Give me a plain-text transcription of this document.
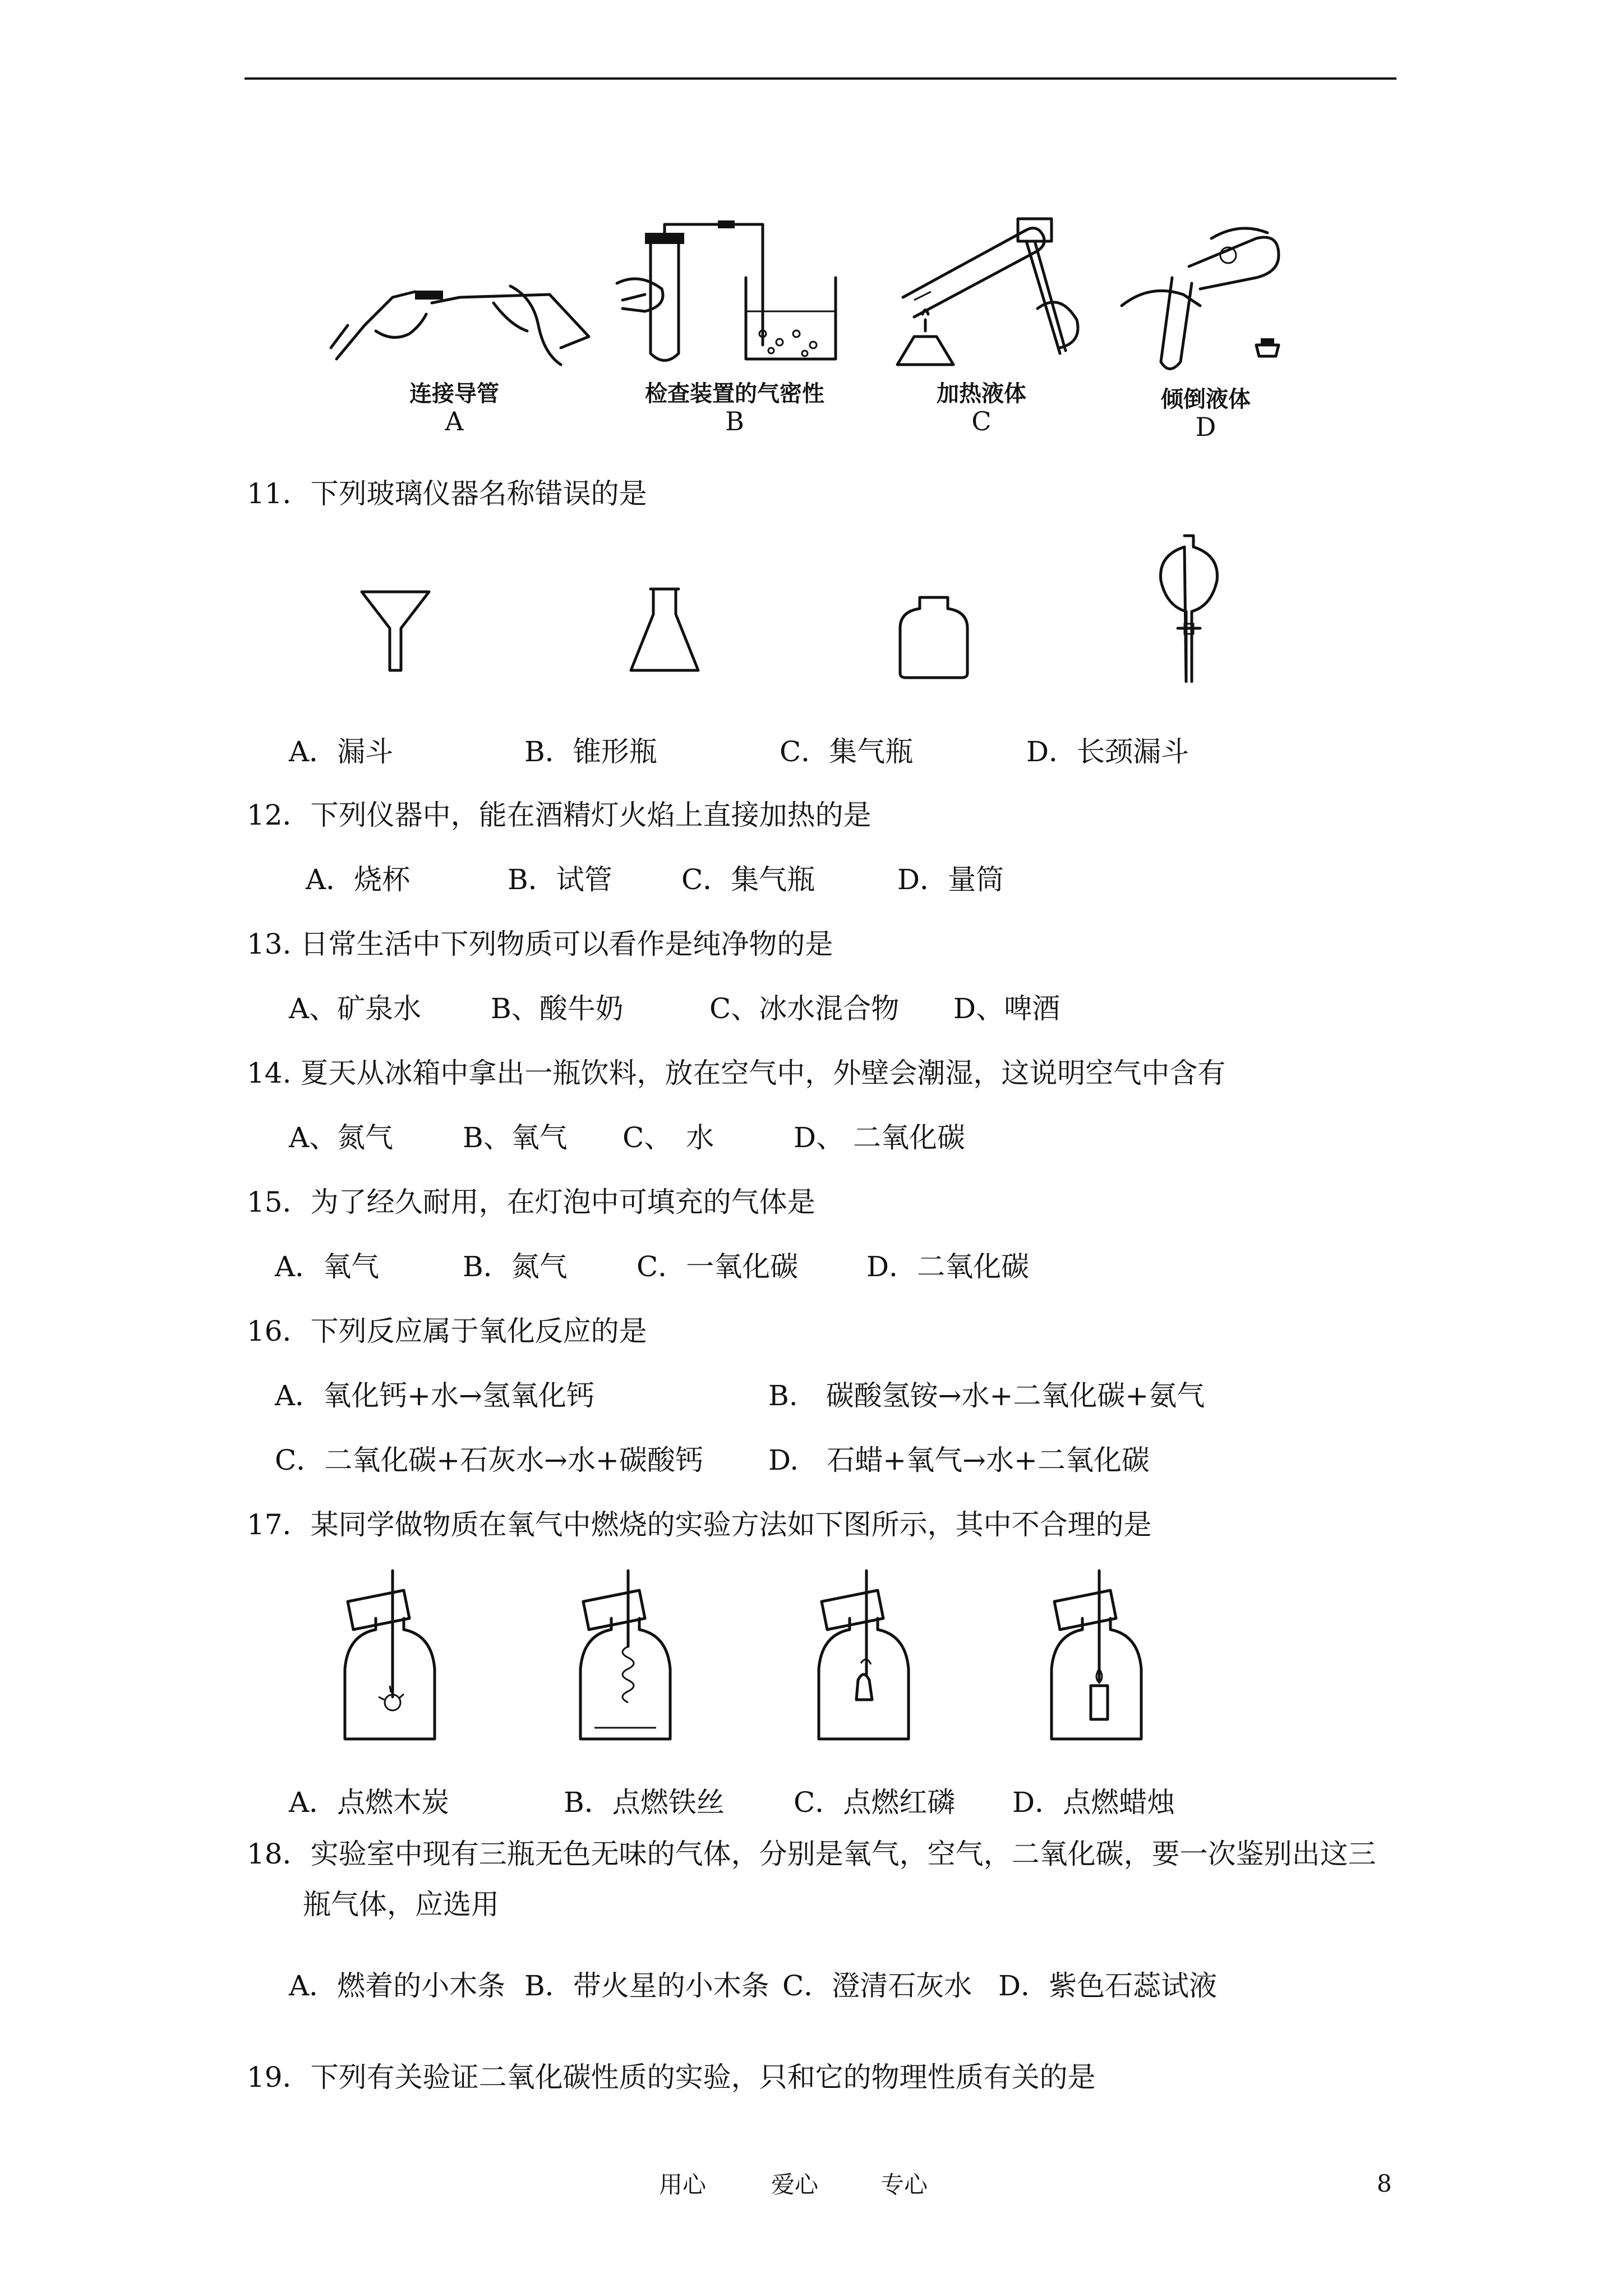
连接导管
A
检查装置的气密性
B
加热液体
C
倾倒液体
D
11．下列玻璃仪器名称错误的是
A．漏斗	B．锥形瓶	C．集气瓶	D．长颈漏斗
12．下列仪器中，能在酒精灯火焰上直接加热的是
A．烧杯	B．试管 C．集气瓶	D．量筒
13. 日常生活中下列物质可以看作是纯净物的是
A、矿泉水 B、酸牛奶	C、冰水混合物 D、啤酒
14. 夏天从冰箱中拿出一瓶饮料，放在空气中，外壁会潮湿，这说明空气中含有
A、氮气 B、氧气 C、　水	D、 二氧化碳
15．为了经久耐用，在灯泡中可填充的气体是
A．氧气	B．氮气 C．一氧化碳 D．二氧化碳
16．下列反应属于氧化反应的是
A．氧化钙+水→氢氧化钙	B.　碳酸氢铵→水+二氧化碳+氨气
C．二氧化碳+石灰水→水+碳酸钙 D.　石蜡+氧气→水+二氧化碳
17．某同学做物质在氧气中燃烧的实验方法如下图所示，其中不合理的是
A．点燃木炭	B．点燃铁丝 C．点燃红磷 D．点燃蜡烛
18．实验室中现有三瓶无色无味的气体，分别是氧气，空气，二氧化碳，要一次鉴别出这三
瓶气体，应选用
A．燃着的小木条 B．带火星的小木条 C．澄清石灰水 D．紫色石蕊试液
19．下列有关验证二氧化碳性质的实验，只和它的物理性质有关的是
用心	爱心	专心	8
